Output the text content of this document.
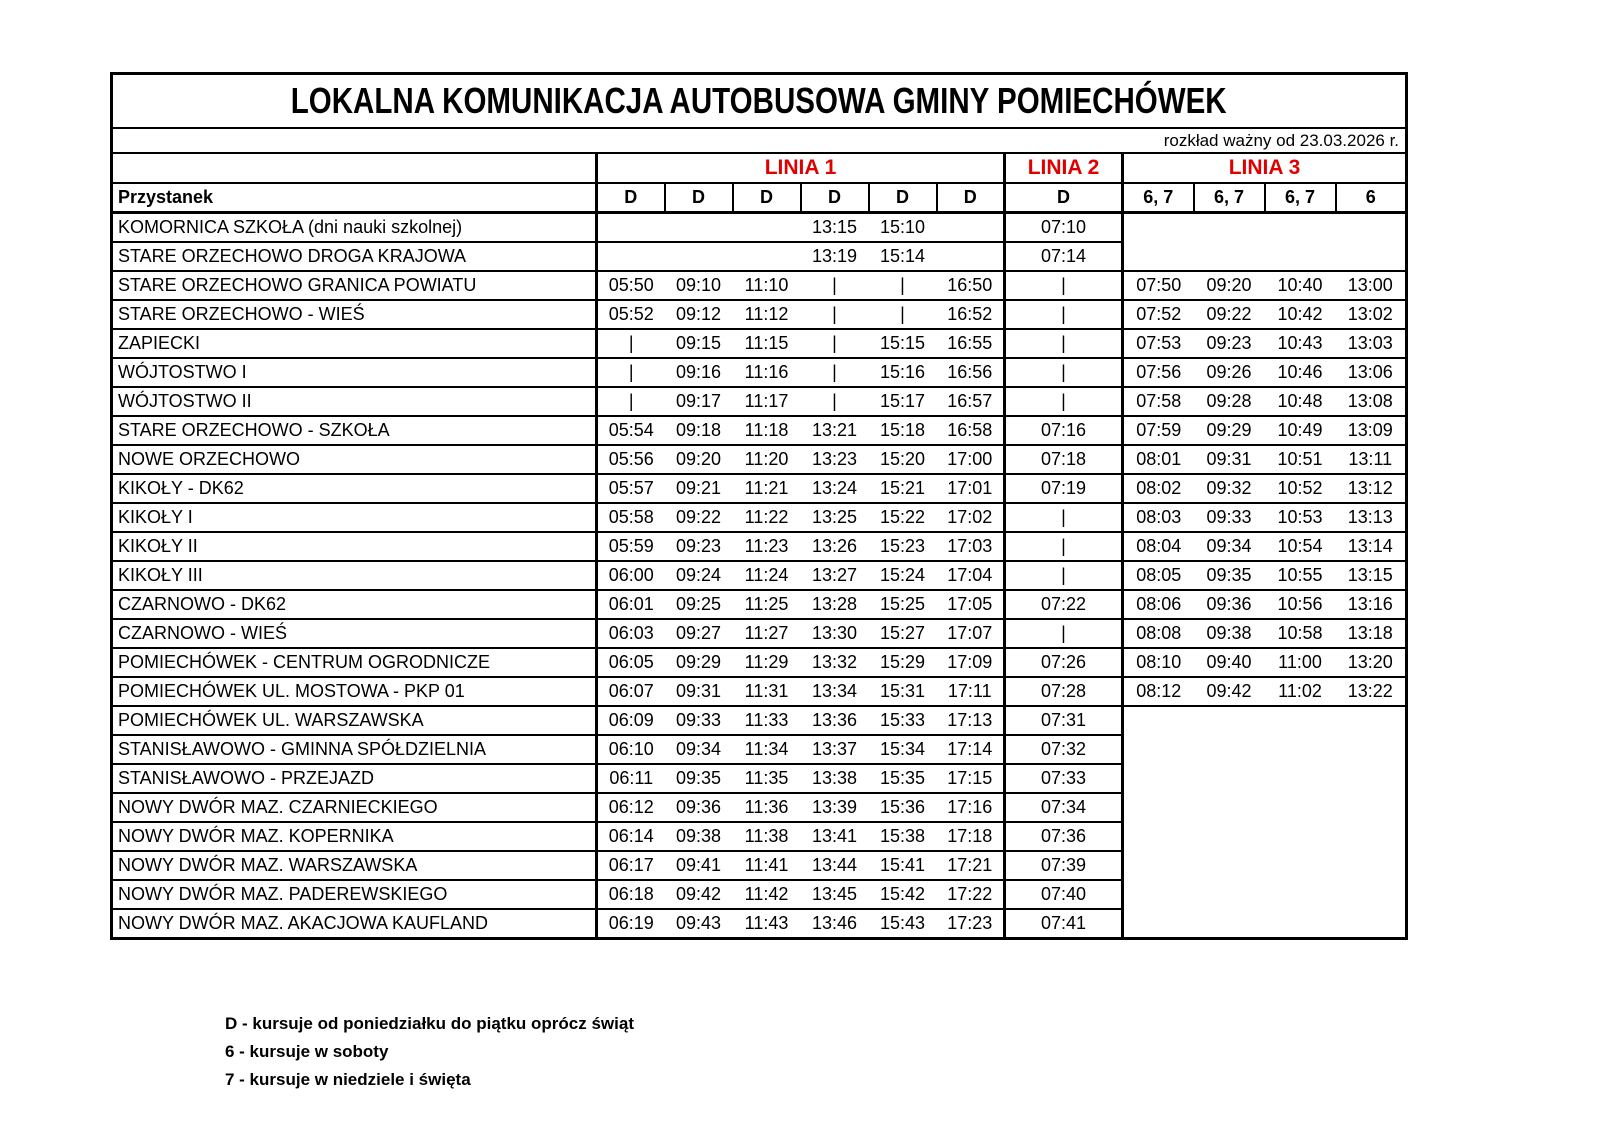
LOKALNA KOMUNIKACJA AUTOBUSOWA GMINY POMIECHÓWEK											
rozkład ważny od 23.03.2026 r.											
	LINIA 1						LINIA 2	LINIA 3			
Przystanek	D	D	D	D	D	D	D	6, 7	6, 7	6, 7	6
KOMORNICA SZKOŁA (dni nauki szkolnej)				13:15	15:10		07:10				
STARE ORZECHOWO DROGA KRAJOWA				13:19	15:14		07:14				
STARE ORZECHOWO GRANICA POWIATU	05:50	09:10	11:10	|	|	16:50	|	07:50	09:20	10:40	13:00
STARE ORZECHOWO - WIEŚ	05:52	09:12	11:12	|	|	16:52	|	07:52	09:22	10:42	13:02
ZAPIECKI	|	09:15	11:15	|	15:15	16:55	|	07:53	09:23	10:43	13:03
WÓJTOSTWO I	|	09:16	11:16	|	15:16	16:56	|	07:56	09:26	10:46	13:06
WÓJTOSTWO II	|	09:17	11:17	|	15:17	16:57	|	07:58	09:28	10:48	13:08
STARE ORZECHOWO - SZKOŁA	05:54	09:18	11:18	13:21	15:18	16:58	07:16	07:59	09:29	10:49	13:09
NOWE ORZECHOWO	05:56	09:20	11:20	13:23	15:20	17:00	07:18	08:01	09:31	10:51	13:11
KIKOŁY - DK62	05:57	09:21	11:21	13:24	15:21	17:01	07:19	08:02	09:32	10:52	13:12
KIKOŁY I	05:58	09:22	11:22	13:25	15:22	17:02	|	08:03	09:33	10:53	13:13
KIKOŁY II	05:59	09:23	11:23	13:26	15:23	17:03	|	08:04	09:34	10:54	13:14
KIKOŁY III	06:00	09:24	11:24	13:27	15:24	17:04	|	08:05	09:35	10:55	13:15
CZARNOWO - DK62	06:01	09:25	11:25	13:28	15:25	17:05	07:22	08:06	09:36	10:56	13:16
CZARNOWO - WIEŚ	06:03	09:27	11:27	13:30	15:27	17:07	|	08:08	09:38	10:58	13:18
POMIECHÓWEK - CENTRUM OGRODNICZE	06:05	09:29	11:29	13:32	15:29	17:09	07:26	08:10	09:40	11:00	13:20
POMIECHÓWEK UL. MOSTOWA - PKP 01	06:07	09:31	11:31	13:34	15:31	17:11	07:28	08:12	09:42	11:02	13:22
POMIECHÓWEK UL. WARSZAWSKA	06:09	09:33	11:33	13:36	15:33	17:13	07:31				
STANISŁAWOWO - GMINNA SPÓŁDZIELNIA	06:10	09:34	11:34	13:37	15:34	17:14	07:32				
STANISŁAWOWO - PRZEJAZD	06:11	09:35	11:35	13:38	15:35	17:15	07:33				
NOWY DWÓR MAZ. CZARNIECKIEGO	06:12	09:36	11:36	13:39	15:36	17:16	07:34				
NOWY DWÓR MAZ. KOPERNIKA	06:14	09:38	11:38	13:41	15:38	17:18	07:36				
NOWY DWÓR MAZ. WARSZAWSKA	06:17	09:41	11:41	13:44	15:41	17:21	07:39				
NOWY DWÓR MAZ. PADEREWSKIEGO	06:18	09:42	11:42	13:45	15:42	17:22	07:40				
NOWY DWÓR MAZ. AKACJOWA KAUFLAND	06:19	09:43	11:43	13:46	15:43	17:23	07:41				
D - kursuje od poniedziałku do piątku oprócz świąt
6 - kursuje w soboty
7 - kursuje w niedziele i święta
